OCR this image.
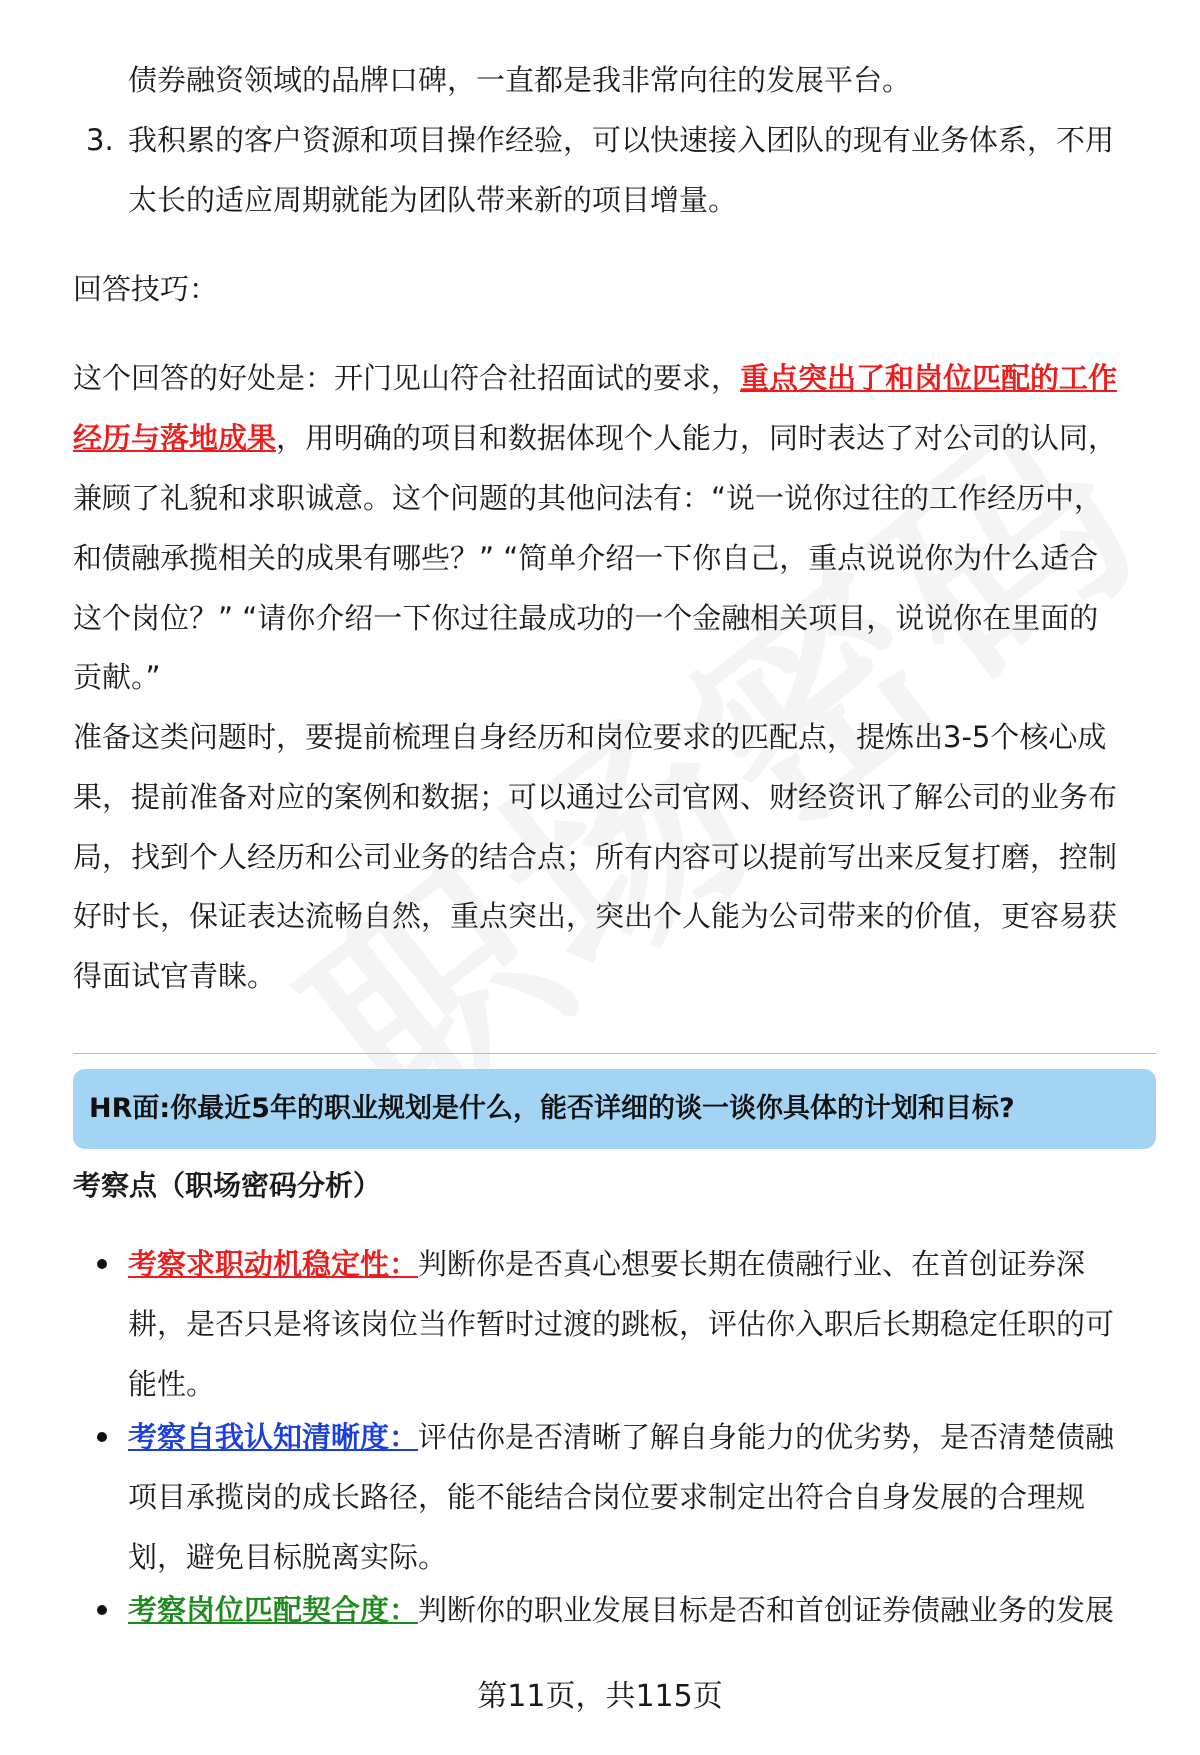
债券融资领域的品牌口碑，一直都是我非常向往的发展平台。
3. 我积累的客户资源和项目操作经验，可以快速接入团队的现有业务体系，不用
太长的适应周期就能为团队带来新的项目增量。
回答技巧：
这个回答的好处是：开门见山符合社招面试的要求，重点突出了和岗位匹配的工作
经历与落地成果，用明确的项目和数据体现个人能力，同时表达了对公司的认同，
兼顾了礼貌和求职诚意。这个问题的其他问法有：“说一说你过往的工作经历中，
和债融承揽相关的成果有哪些？” “简单介绍一下你自己，重点说说你为什么适合
这个岗位？” “请你介绍一下你过往最成功的一个金融相关项目，说说你在里面的
贡献。”
准备这类问题时，要提前梳理自身经历和岗位要求的匹配点，提炼出3-5个核心成
果，提前准备对应的案例和数据；可以通过公司官网、财经资讯了解公司的业务布
局，找到个人经历和公司业务的结合点；所有内容可以提前写出来反复打磨，控制
好时长，保证表达流畅自然，重点突出，突出个人能为公司带来的价值，更容易获
得面试官青睐。
HR面:你最近5年的职业规划是什么，能否详细的谈一谈你具体的计划和目标?
考察点（职场密码分析）
考察求职动机稳定性：判断你是否真心想要长期在债融行业、在首创证券深
耕，是否只是将该岗位当作暂时过渡的跳板，评估你入职后长期稳定任职的可
能性。
考察自我认知清晰度：评估你是否清晰了解自身能力的优劣势，是否清楚债融
项目承揽岗的成长路径，能不能结合岗位要求制定出符合自身发展的合理规
划，避免目标脱离实际。
考察岗位匹配契合度：判断你的职业发展目标是否和首创证券债融业务的发展
第11页，共115页
